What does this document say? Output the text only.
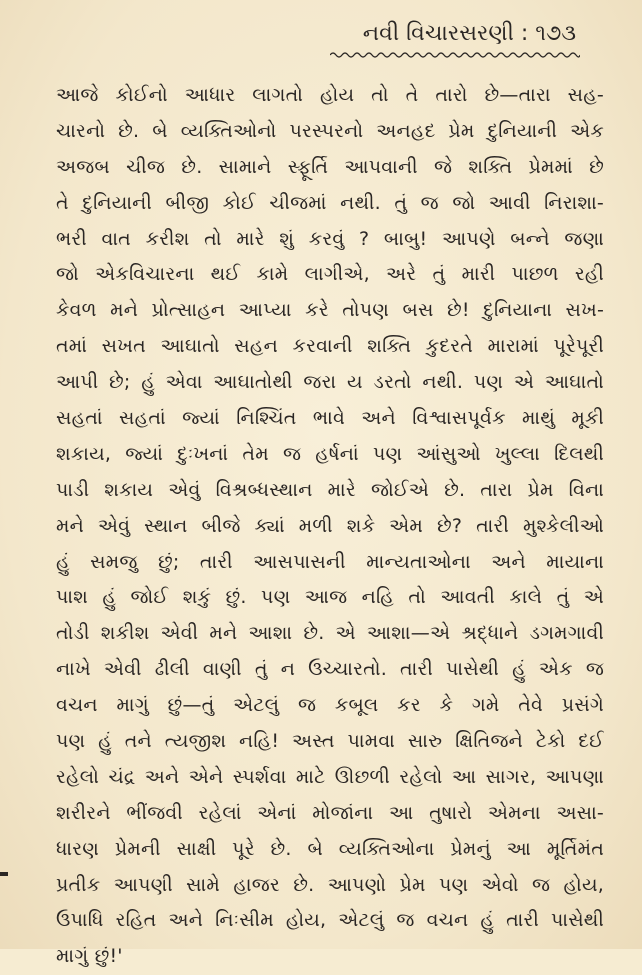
નવી વિચારસરણી : ૧૭૩
આજે કોઈનો આધાર લાગતો હોય તો તે તારો છે—તારા સહ-
ચારનો છે. બે વ્યક્તિઓનો પરસ્પરનો અનહદ પ્રેમ દુનિયાની એક
અજબ ચીજ છે. સામાને સ્ફૂર્તિ આપવાની જે શક્તિ પ્રેમમાં છે
તે દુનિયાની બીજી કોઈ ચીજમાં નથી. તું જ જો આવી નિરાશા-
ભરી વાત કરીશ તો મારે શું કરવું ? બાબુ! આપણે બન્ને જણા
જો એકવિચારના થઈ કામે લાગીએ, અરે તું મારી પાછળ રહી
કેવળ મને પ્રોત્સાહન આપ્યા કરે તોપણ બસ છે! દુનિયાના સખ-
તમાં સખત આઘાતો સહન કરવાની શક્તિ કુદરતે મારામાં પૂરેપૂરી
આપી છે; હું એવા આઘાતોથી જરા ય ડરતો નથી. પણ એ આઘાતો
સહતાં સહતાં જ્યાં નિશ્ચિંત ભાવે અને વિશ્વાસપૂર્વક માથું મૂકી
શકાય, જ્યાં દુઃખનાં તેમ જ હર્ષનાં પણ આંસુઓ ખુલ્લા દિલથી
પાડી શકાય એવું વિશ્રબ્ધસ્થાન મારે જોઈએ છે. તારા પ્રેમ વિના
મને એવું સ્થાન બીજે ક્યાં મળી શકે એમ છે? તારી મુશ્કેલીઓ
હું સમજુ છું; તારી આસપાસની માન્યતાઓના અને માયાના
પાશ હું જોઈ શકું છું. પણ આજ નહિ તો આવતી કાલે તું એ
તોડી શકીશ એવી મને આશા છે. એ આશા—એ શ્રદ્ધાને ડગમગાવી
નાખે એવી ઢીલી વાણી તું ન ઉચ્ચારતો. તારી પાસેથી હું એક જ
વચન માગું છું—તું એટલું જ કબૂલ કર કે ગમે તેવે પ્રસંગે
પણ હું તને ત્યજીશ નહિ! અસ્ત પામવા સારુ ક્ષિતિજને ટેકો દઈ
રહેલો ચંદ્ર અને એને સ્પર્શવા માટે ઊછળી રહેલો આ સાગર, આપણા
શરીરને ભીંજવી રહેલાં એનાં મોજાંના આ તુષારો એમના અસા-
ધારણ પ્રેમની સાક્ષી પૂરે છે. બે વ્યક્તિઓના પ્રેમનું આ મૂર્તિમંત
પ્રતીક આપણી સામે હાજર છે. આપણો પ્રેમ પણ એવો જ હોય,
ઉપાધિ રહિત અને નિઃસીમ હોય, એટલું જ વચન હું તારી પાસેથી
માગું છું!'
